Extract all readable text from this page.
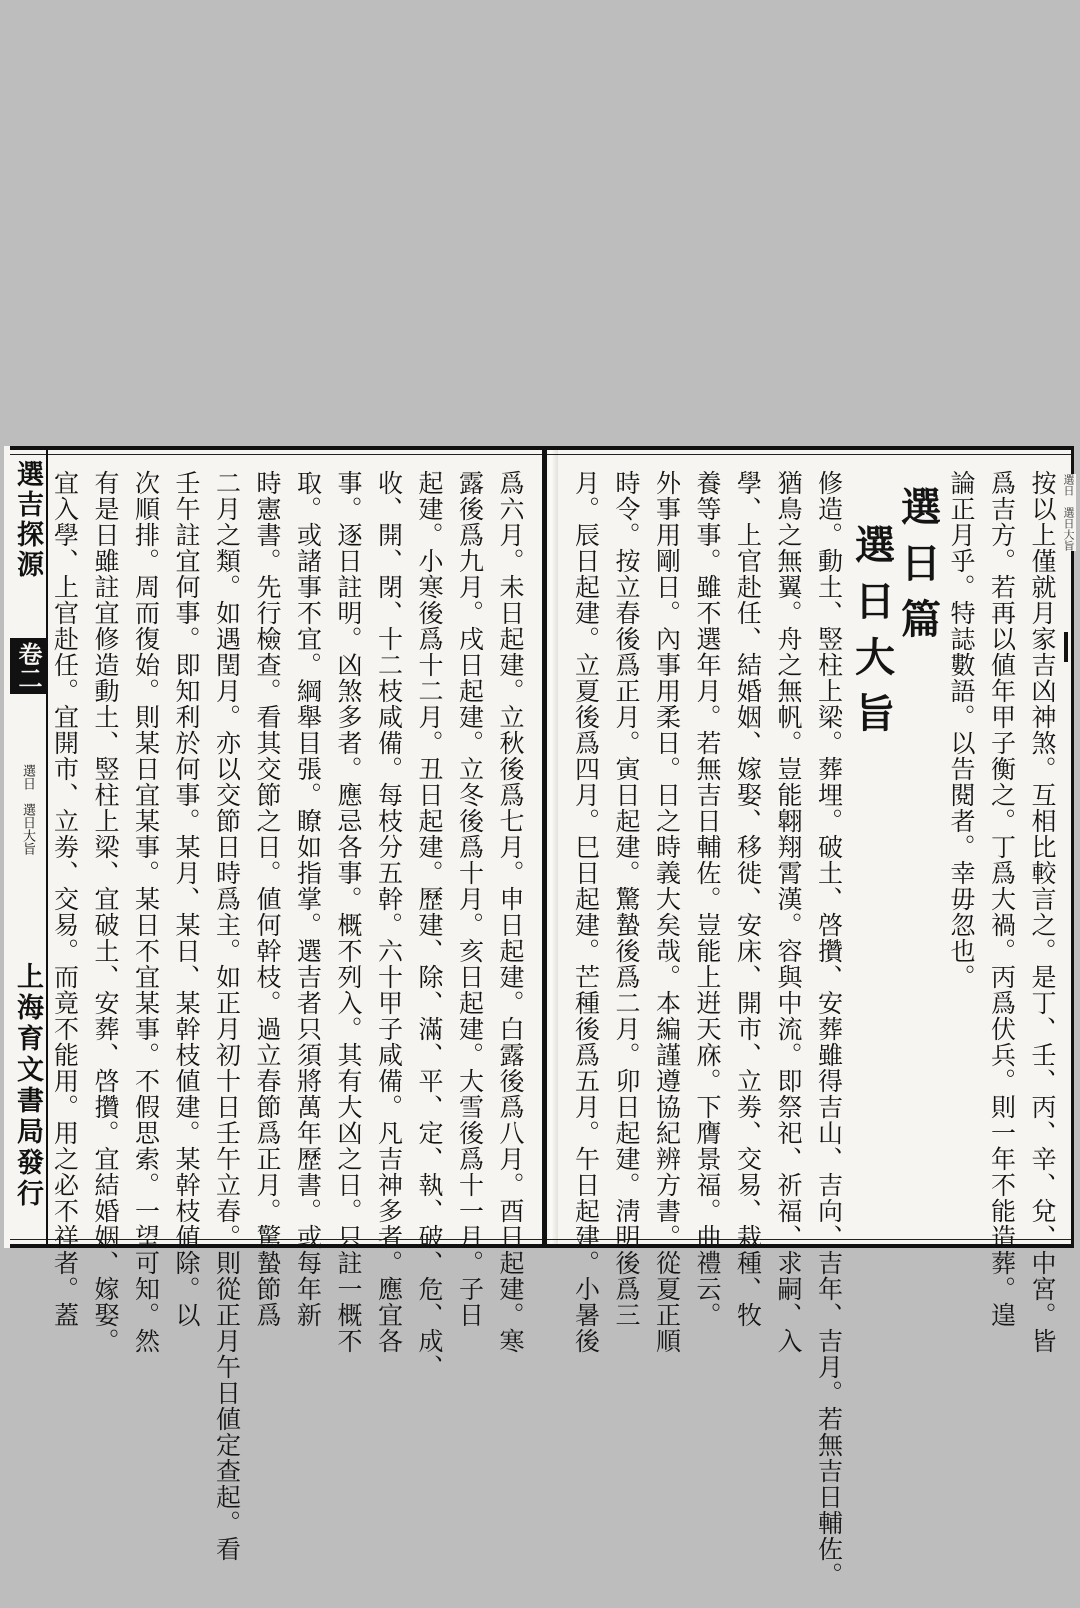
選吉探源
卷二
選日　選日大旨
上海育文書局發行	爲六月。未日起建。立秋後爲七月。申日起建。白露後爲八月。酉日起建。寒
露後爲九月。戌日起建。立冬後爲十月。亥日起建。大雪後爲十一月。子日
起建。小寒後爲十二月。丑日起建。歷建、除、滿、平、定、執、破、危、成、
收、開、閉、十二枝咸備。每枝分五幹。六十甲子咸備。凡吉神多者。應宜各
事。逐日註明。凶煞多者。應忌各事。概不列入。其有大凶之日。只註一概不
取。或諸事不宜。綱舉目張。瞭如指掌。選吉者只須將萬年歷書。或每年新
時憲書。先行檢查。看其交節之日。値何幹枝。過立春節爲正月。驚蟄節爲
二月之類。如遇閏月。亦以交節日時爲主。如正月初十日壬午立春。則從正月午日値定查起。看
壬午註宜何事。即知利於何事。某月、某日、某幹枝値建。某幹枝値除。以
次順排。周而復始。則某日宜某事。某日不宜某事。不假思索。一望可知。然
有是日雖註宜修造動土、竪柱上梁、宜破土、安葬、啓攢。宜結婚姻、嫁娶。
宜入學、上官赴任。宜開市、立劵、交易。而竟不能用。用之必不祥者。蓋	選日　選日大旨
按以上僅就月家吉凶神煞。互相比較言之。是丁、壬、丙、辛、兌、中宮。皆
爲吉方。若再以値年甲子衡之。丁爲大禍。丙爲伏兵。則一年不能造葬。遑
論正月乎。特誌數語。以告閱者。幸毋忽也。
選日篇
選日大旨
修造。動土、竪柱上梁。葬埋。破土、啓攢、安葬雖得吉山、吉向、吉年、吉月。若無吉日輔佐。
猶鳥之無翼。舟之無帆。豈能翺翔霄漢。容與中流。即祭祀、祈福、求嗣、入
學、上官赴任、結婚姻、嫁娶、移徙、安床、開市、立劵、交易、栽種、牧
養等事。雖不選年月。若無吉日輔佐。豈能上逬天庥。下膺景福。曲禮云。
外事用剛日。內事用柔日。日之時義大矣哉。本編謹遵協紀辨方書。從夏正順
時令。按立春後爲正月。寅日起建。驚蟄後爲二月。卯日起建。淸明後爲三
月。辰日起建。立夏後爲四月。巳日起建。芒種後爲五月。午日起建。小暑後
